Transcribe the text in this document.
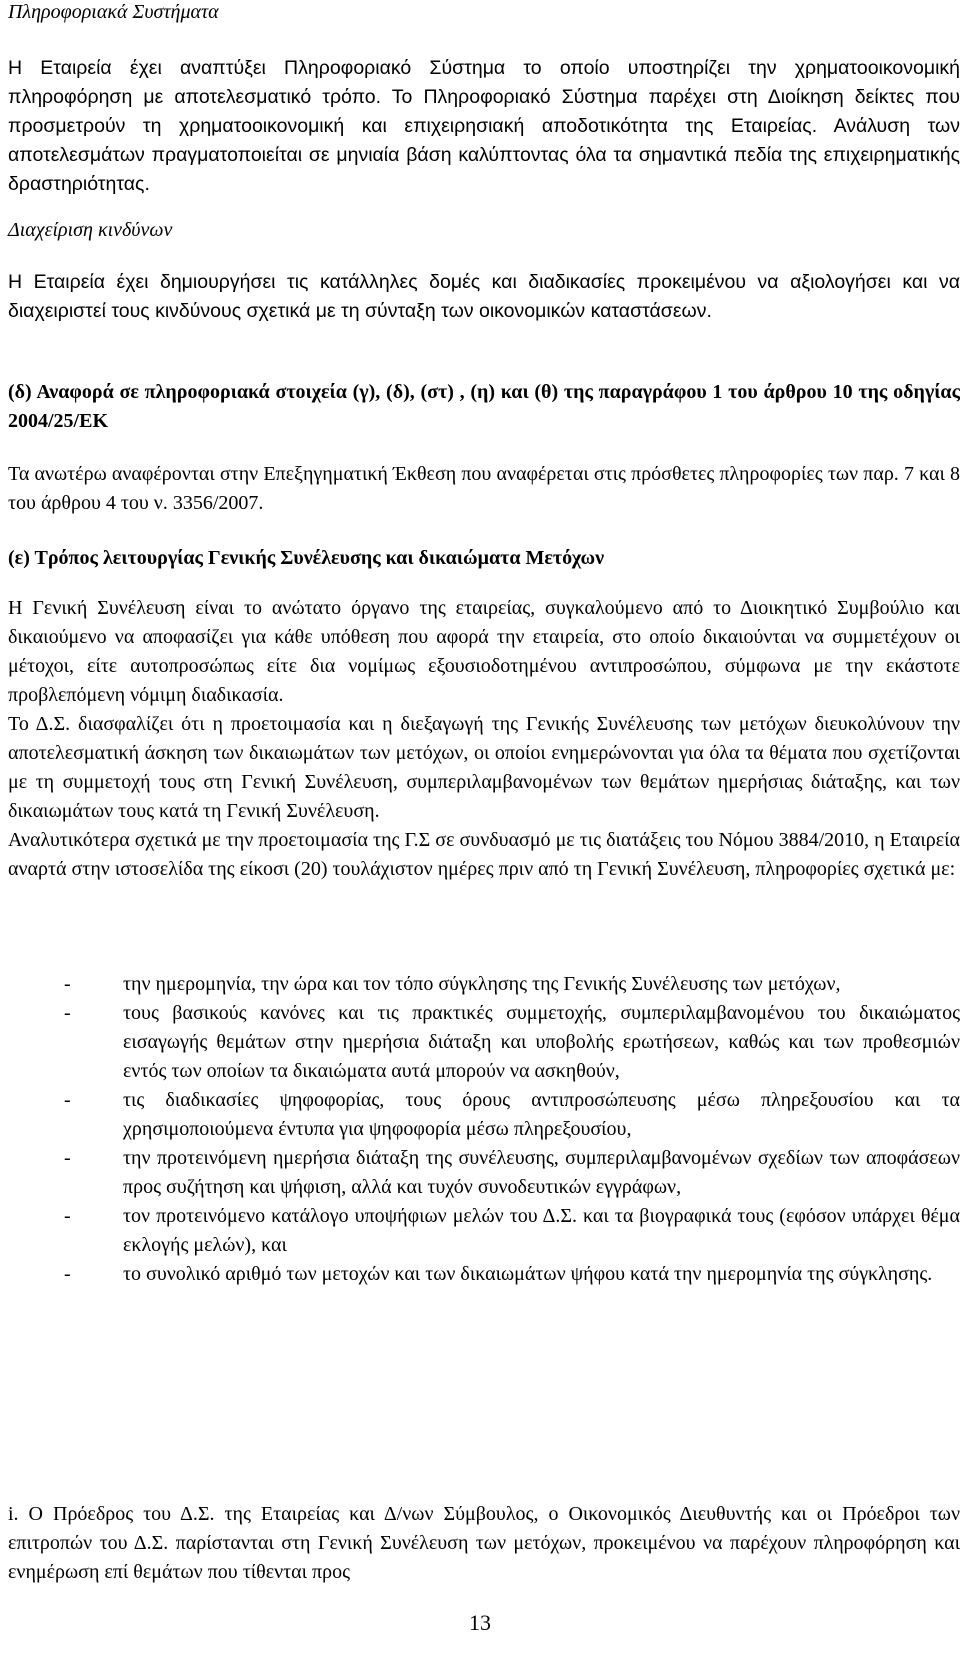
Πληροφοριακά Συστήματα

Η Εταιρεία έχει αναπτύξει Πληροφοριακό Σύστημα το οποίο υποστηρίζει την χρηματοοικονομική πληροφόρηση με αποτελεσματικό τρόπο. Το Πληροφοριακό Σύστημα παρέχει στη Διοίκηση δείκτες που προσμετρούν τη χρηματοοικονομική και επιχειρησιακή αποδοτικότητα της Εταιρείας. Ανάλυση των αποτελεσμάτων πραγματοποιείται σε μηνιαία βάση καλύπτοντας όλα τα σημαντικά πεδία της επιχειρηματικής δραστηριότητας.

Διαχείριση κινδύνων

Η Εταιρεία έχει δημιουργήσει τις κατάλληλες δομές και διαδικασίες προκειμένου να αξιολογήσει και να διαχειριστεί τους κινδύνους σχετικά με τη σύνταξη των οικονομικών καταστάσεων.

(δ) Αναφορά σε πληροφοριακά στοιχεία (γ), (δ), (στ) , (η) και (θ) της παραγράφου 1 του άρθρου 10 της οδηγίας 2004/25/ΕΚ

Τα ανωτέρω αναφέρονται στην Επεξηγηματική Έκθεση που αναφέρεται στις πρόσθετες πληροφορίες των παρ. 7 και 8 του άρθρου 4 του ν. 3356/2007.

(ε) Τρόπος λειτουργίας Γενικής Συνέλευσης και δικαιώματα Μετόχων

Η Γενική Συνέλευση είναι το ανώτατο όργανο της εταιρείας, συγκαλούμενο από το Διοικητικό Συμβούλιο και δικαιούμενο να αποφασίζει για κάθε υπόθεση που αφορά την εταιρεία, στο οποίο δικαιούνται να συμμετέχουν οι μέτοχοι, είτε αυτοπροσώπως είτε δια νομίμως εξουσιοδοτημένου αντιπροσώπου, σύμφωνα με την εκάστοτε προβλεπόμενη νόμιμη διαδικασία.

Το Δ.Σ. διασφαλίζει ότι η προετοιμασία και η διεξαγωγή της Γενικής Συνέλευσης των μετόχων διευκολύνουν την αποτελεσματική άσκηση των δικαιωμάτων των μετόχων, οι οποίοι ενημερώνονται για όλα τα θέματα που σχετίζονται με τη συμμετοχή τους στη Γενική Συνέλευση, συμπεριλαμβανομένων των θεμάτων ημερήσιας διάταξης, και των δικαιωμάτων τους κατά τη Γενική Συνέλευση.

Αναλυτικότερα σχετικά με την προετοιμασία της Γ.Σ σε συνδυασμό με τις διατάξεις του Νόμου 3884/2010, η Εταιρεία αναρτά στην ιστοσελίδα της είκοσι (20) τουλάχιστον ημέρες πριν από τη Γενική Συνέλευση, πληροφορίες σχετικά με:

-	την ημερομηνία, την ώρα και τον τόπο σύγκλησης της Γενικής Συνέλευσης των μετόχων,
-	τους βασικούς κανόνες και τις πρακτικές συμμετοχής, συμπεριλαμβανομένου του δικαιώματος εισαγωγής θεμάτων στην ημερήσια διάταξη και υποβολής ερωτήσεων, καθώς και των προθεσμιών εντός των οποίων τα δικαιώματα αυτά μπορούν να ασκηθούν,
-	τις διαδικασίες ψηφοφορίας, τους όρους αντιπροσώπευσης μέσω πληρεξουσίου και τα χρησιμοποιούμενα έντυπα για ψηφοφορία μέσω πληρεξουσίου,
-	την προτεινόμενη ημερήσια διάταξη της συνέλευσης, συμπεριλαμβανομένων σχεδίων των αποφάσεων προς συζήτηση και ψήφιση, αλλά και τυχόν συνοδευτικών εγγράφων,
-	τον προτεινόμενο κατάλογο υποψήφιων μελών του Δ.Σ. και τα βιογραφικά τους (εφόσον υπάρχει θέμα εκλογής μελών), και
-	το συνολικό αριθμό των μετοχών και των δικαιωμάτων ψήφου κατά την ημερομηνία της σύγκλησης.

i. Ο Πρόεδρος του Δ.Σ. της Εταιρείας και Δ/νων Σύμβουλος, ο Οικονομικός Διευθυντής και οι Πρόεδροι των επιτροπών του Δ.Σ. παρίστανται στη Γενική Συνέλευση των μετόχων, προκειμένου να παρέχουν πληροφόρηση και ενημέρωση επί θεμάτων που τίθενται προς

13
